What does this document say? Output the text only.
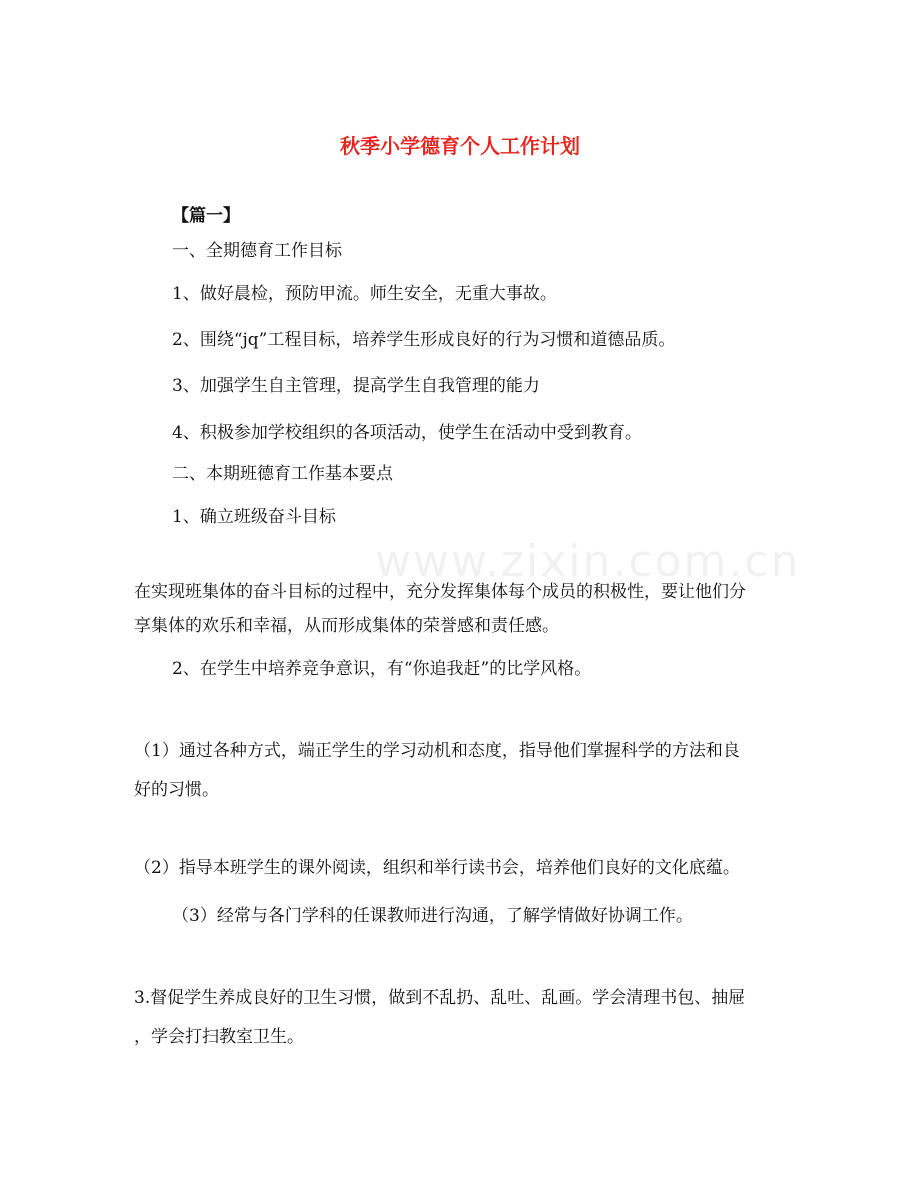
www.zixin.com.cn
秋季小学德育个人工作计划

【篇一】

一、全期德育工作目标

1、做好晨检，预防甲流。师生安全，无重大事故。

2、围绕“jq”工程目标，培养学生形成良好的行为习惯和道德品质。

3、加强学生自主管理，提高学生自我管理的能力

4、积极参加学校组织的各项活动，使学生在活动中受到教育。

二、本期班德育工作基本要点

1、确立班级奋斗目标

在实现班集体的奋斗目标的过程中，充分发挥集体每个成员的积极性，要让他们分

享集体的欢乐和幸福，从而形成集体的荣誉感和责任感。

2、在学生中培养竞争意识，有“你追我赶”的比学风格。

（1）通过各种方式，端正学生的学习动机和态度，指导他们掌握科学的方法和良

好的习惯。

（2）指导本班学生的课外阅读，组织和举行读书会，培养他们良好的文化底蕴。

（3）经常与各门学科的任课教师进行沟通，了解学情做好协调工作。

3.督促学生养成良好的卫生习惯，做到不乱扔、乱吐、乱画。学会清理书包、抽屉

，学会打扫教室卫生。
